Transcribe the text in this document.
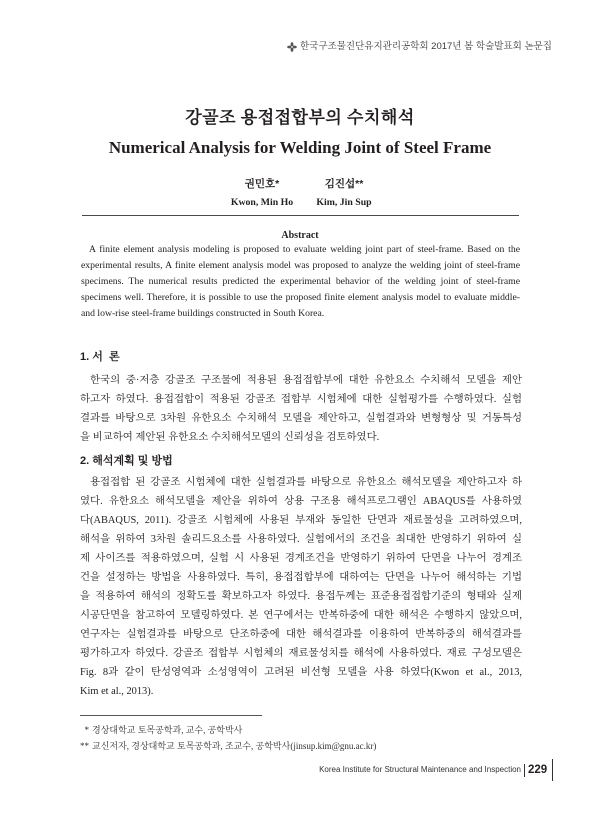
한국구조물진단유지관리공학회 2017년 봄 학술발표회 논문집
강골조 용접접합부의 수치해석
Numerical Analysis for Welding Joint of Steel Frame
권민호*
Kwon, Min Ho
김진섭**
Kim, Jin Sup
Abstract
A finite element analysis modeling is proposed to evaluate welding joint part of steel-frame. Based on the
experimental results, A finite element analysis model was proposed to analyze the welding joint of steel-frame
specimens. The numerical results predicted the experimental behavior of the welding joint of steel-frame
specimens well. Therefore, it is possible to use the proposed finite element analysis model to evaluate middle-
and low-rise steel-frame buildings constructed in South Korea.
1. 서  론
한국의 중·저층 강골조 구조물에 적용된 용접접합부에 대한 유한요소 수치해석 모델을 제안
하고자 하였다. 용접접합이 적용된 강골조 접합부 시험체에 대한 실험평가를 수행하였다. 실험
결과를 바탕으로 3차원 유한요소 수치해석 모델을 제안하고, 실험결과와 변형형상 및 거동특성
을 비교하여 제안된 유한요소 수치해석모델의 신뢰성을 검토하였다.
2. 해석계획 및 방법
용접접합 된 강골조 시험체에 대한 실험결과를 바탕으로 유한요소 해석모델을 제안하고자 하
였다. 유한요소 해석모델을 제안을 위하여 상용 구조용 해석프로그램인 ABAQUS를 사용하였
다(ABAQUS, 2011). 강골조 시험체에 사용된 부재와 동일한 단면과 재료물성을 고려하였으며,
해석을 위하여 3차원 솔리드요소를 사용하였다. 실험에서의 조건을 최대한 반영하기 위하여 실
제 사이즈를 적용하였으며, 실험 시 사용된 경계조건을 반영하기 위하여 단면을 나누어 경계조
건을 설정하는 방법을 사용하였다. 특히, 용접접합부에 대하여는 단면을 나누어 해석하는 기법
을 적용하여 해석의 정확도를 확보하고자 하였다. 용접두께는 표준용접접합기준의 형태와 실제
시공단면을 참고하여 모델링하였다. 본 연구에서는 반복하중에 대한 해석은 수행하지 않았으며,
연구자는 실험결과를 바탕으로 단조하중에 대한 해석결과를 이용하여 반복하중의 해석결과를
평가하고자 하였다. 강골조 접합부 시험체의 재료물성치를 해석에 사용하였다. 재료 구성모델은
Fig. 8과 같이 탄성영역과 소성영역이 고려된 비선형 모델을 사용 하였다(Kwon et al., 2013,
Kim et al., 2013).
* 경상대학교 토목공학과, 교수, 공학박사
** 교신저자, 경상대학교 토목공학과, 조교수, 공학박사(jinsup.kim@gnu.ac.kr)
Korea Institute for Structural Maintenance and Inspection 229
